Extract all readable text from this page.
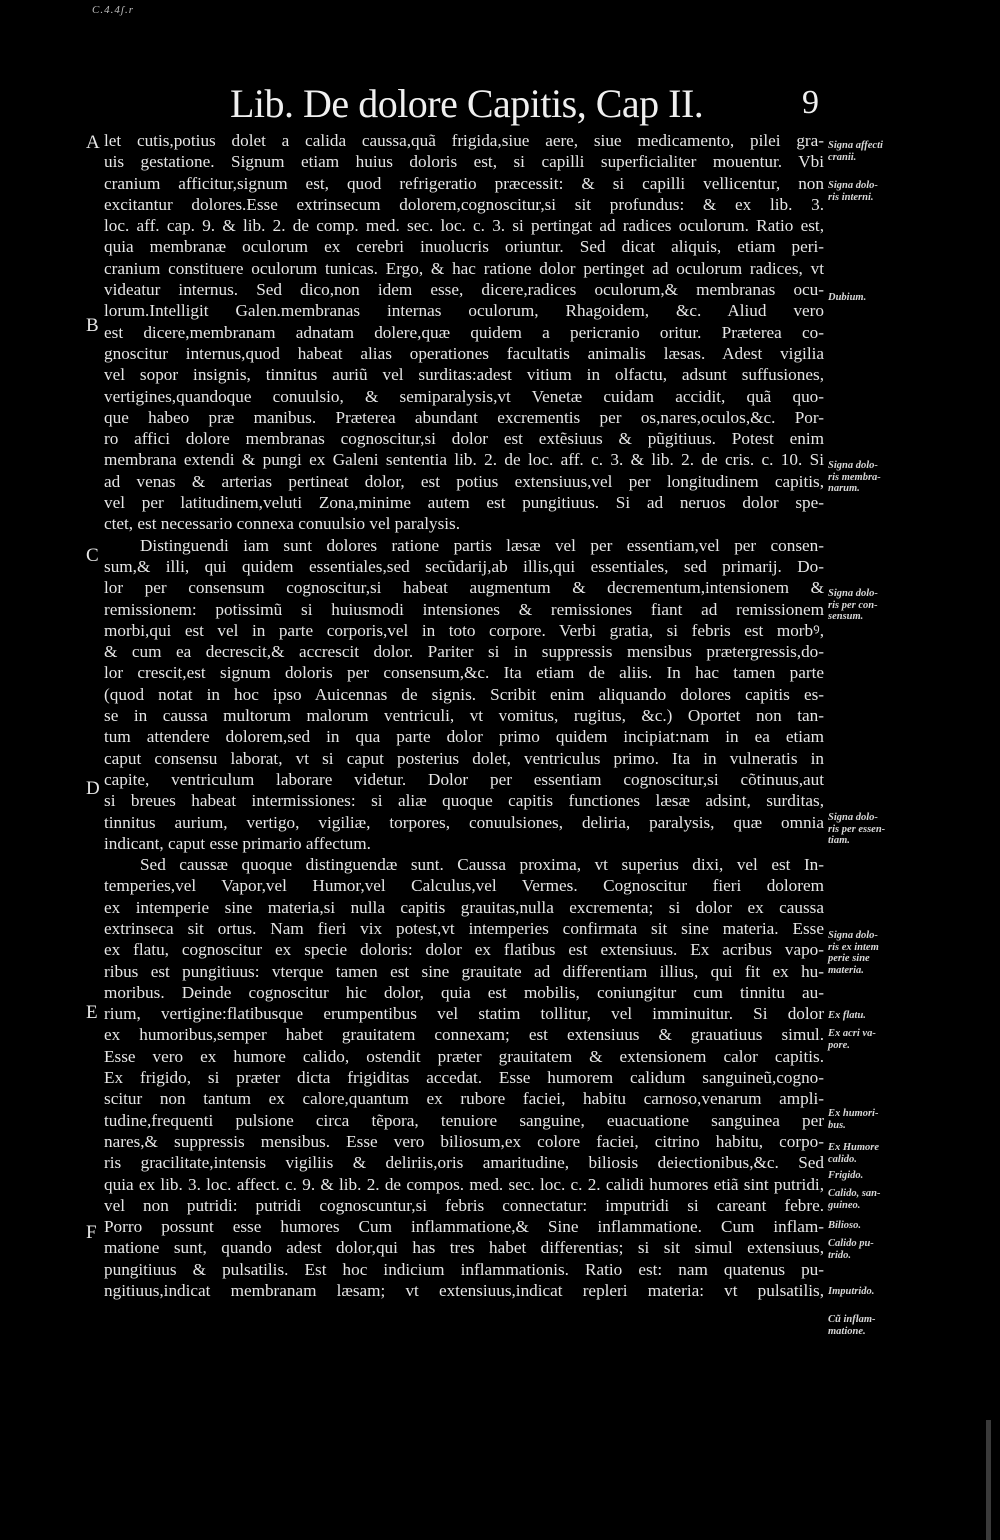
C.4.4ʃ.r
Lib. De dolore Capitis, Cap II.	9
A
B
C
D
E
F
let cutis,potius dolet a calida caussa,quã frigida,siue aere, siue medicamento, pilei gra-
uis gestatione. Signum etiam huius doloris est, si capilli superficialiter mouentur. Vbi
cranium afficitur,signum est, quod refrigeratio præcessit: & si capilli vellicentur, non
excitantur dolores.Esse extrinsecum dolorem,cognoscitur,si sit profundus: & ex lib. 3.
loc. aff. cap. 9. & lib. 2. de comp. med. sec. loc. c. 3. si pertingat ad radices oculorum. Ratio est,
quia membranæ oculorum ex cerebri inuolucris oriuntur. Sed dicat aliquis, etiam peri-
cranium constituere oculorum tunicas. Ergo, & hac ratione dolor pertinget ad oculorum radices, vt
videatur internus. Sed dico,non idem esse, dicere,radices oculorum,& membranas ocu-
lorum.Intelligit Galen.membranas internas oculorum, Rhagoidem, &c. Aliud vero
est dicere,membranam adnatam dolere,quæ quidem a pericranio oritur. Præterea co-
gnoscitur internus,quod habeat alias operationes facultatis animalis læsas. Adest vigilia
vel sopor insignis, tinnitus auriũ vel surditas:adest vitium in olfactu, adsunt suffusiones,
vertigines,quandoque conuulsio, & semiparalysis,vt Venetæ cuidam accidit, quã quo-
que habeo præ manibus. Præterea abundant excrementis per os,nares,oculos,&c. Por-
ro affici dolore membranas cognoscitur,si dolor est extẽsiuus & pũgitiuus. Potest enim
membrana extendi & pungi ex Galeni sententia lib. 2. de loc. aff. c. 3. & lib. 2. de cris. c. 10. Si
ad venas & arterias pertineat dolor, est potius extensiuus,vel per longitudinem capitis,
vel per latitudinem,veluti Zona,minime autem est pungitiuus. Si ad neruos dolor spe-
ctet, est necessario connexa conuulsio vel paralysis.
Distinguendi iam sunt dolores ratione partis læsæ vel per essentiam,vel per consen-
sum,& illi, qui quidem essentiales,sed secũdarij,ab illis,qui essentiales, sed primarij. Do-
lor per consensum cognoscitur,si habeat augmentum & decrementum,intensionem &
remissionem: potissimũ si huiusmodi intensiones & remissiones fiant ad remissionem
morbi,qui est vel in parte corporis,vel in toto corpore. Verbi gratia, si febris est morbꝰ,
& cum ea decrescit,& accrescit dolor. Pariter si in suppressis mensibus prætergressis,do-
lor crescit,est signum doloris per consensum,&c. Ita etiam de aliis. In hac tamen parte
(quod notat in hoc ipso Auicennas de signis. Scribit enim aliquando dolores capitis es-
se in caussa multorum malorum ventriculi, vt vomitus, rugitus, &c.) Oportet non tan-
tum attendere dolorem,sed in qua parte dolor primo quidem incipiat:nam in ea etiam
caput consensu laborat, vt si caput posterius dolet, ventriculus primo. Ita in vulneratis in
capite, ventriculum laborare videtur. Dolor per essentiam cognoscitur,si cõtinuus,aut
si breues habeat intermissiones: si aliæ quoque capitis functiones læsæ adsint, surditas,
tinnitus aurium, vertigo, vigiliæ, torpores, conuulsiones, deliria, paralysis, quæ omnia
indicant, caput esse primario affectum.
Sed caussæ quoque distinguendæ sunt. Caussa proxima, vt superius dixi, vel est In-
temperies,vel Vapor,vel Humor,vel Calculus,vel Vermes. Cognoscitur fieri dolorem
ex intemperie sine materia,si nulla capitis grauitas,nulla excrementa; si dolor ex caussa
extrinseca sit ortus. Nam fieri vix potest,vt intemperies confirmata sit sine materia. Esse
ex flatu, cognoscitur ex specie doloris: dolor ex flatibus est extensiuus. Ex acribus vapo-
ribus est pungitiuus: vterque tamen est sine grauitate ad differentiam illius, qui fit ex hu-
moribus. Deinde cognoscitur hic dolor, quia est mobilis, coniungitur cum tinnitu au-
rium, vertigine:flatibusque erumpentibus vel statim tollitur, vel imminuitur. Si dolor
ex humoribus,semper habet grauitatem connexam; est extensiuus & grauatiuus simul.
Esse vero ex humore calido, ostendit præter grauitatem & extensionem calor capitis.
Ex frigido, si præter dicta frigiditas accedat. Esse humorem calidum sanguineũ,cogno-
scitur non tantum ex calore,quantum ex rubore faciei, habitu carnoso,venarum ampli-
tudine,frequenti pulsione circa tẽpora, tenuiore sanguine, euacuatione sanguinea per
nares,& suppressis mensibus. Esse vero biliosum,ex colore faciei, citrino habitu, corpo-
ris gracilitate,intensis vigiliis & deliriis,oris amaritudine, biliosis deiectionibus,&c. Sed
quia ex lib. 3. loc. affect. c. 9. & lib. 2. de compos. med. sec. loc. c. 2. calidi humores etiã sint putridi,
vel non putridi: putridi cognoscuntur,si febris connectatur: imputridi si careant febre.
Porro possunt esse humores Cum inflammatione,& Sine inflammatione. Cum inflam-
matione sunt, quando adest dolor,qui has tres habet differentias; si sit simul extensiuus,
pungitiuus & pulsatilis. Est hoc indicium inflammationis. Ratio est: nam quatenus pu-
ngitiuus,indicat membranam læsam; vt extensiuus,indicat repleri materia: vt pulsatilis,
Signa affecti
cranii.
Signa dolo-
ris interni.
Dubium.
Signa dolo-
ris membra-
narum.
Signa dolo-
ris per con-
sensum.
Signa dolo-
ris per essen-
tiam.
Signa dolo-
ris ex intem
perie sine
materia.
Ex flatu.
Ex acri va-
pore.
Ex humori-
bus.
Ex Humore
calido.
Frigido.
Calido, san-
guineo.
Bilioso.
Calido pu-
trido.
Imputrido.
Cũ inflam-
matione.
